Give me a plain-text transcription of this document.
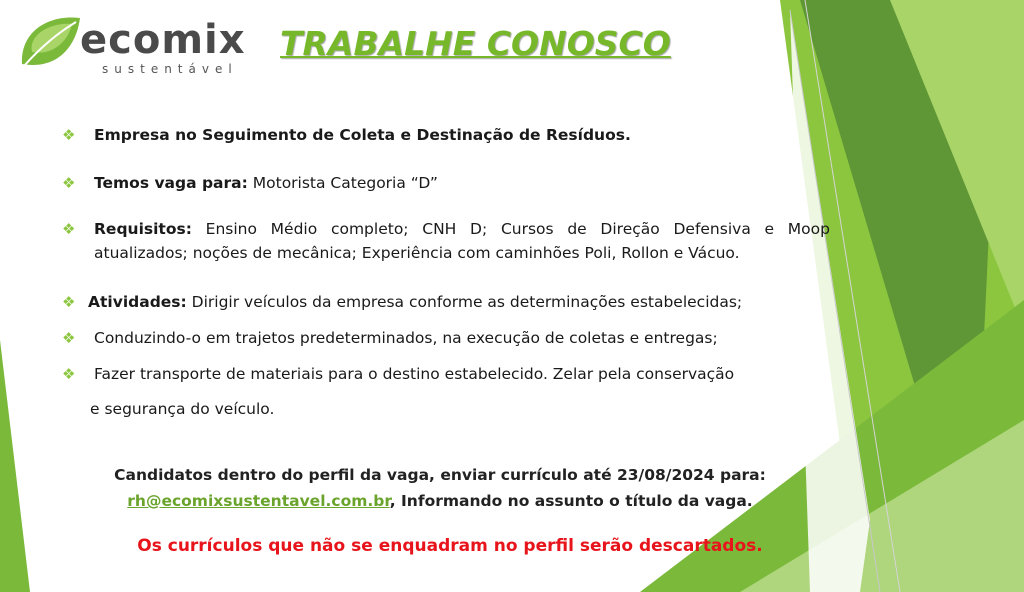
ecomix
sustentável
TRABALHE CONOSCO
❖ Empresa no Seguimento de Coleta e Destinação de Resíduos.
❖ Temos vaga para: Motorista Categoria “D”
❖ Requisitos: Ensino Médio completo; CNH D; Cursos de Direção Defensiva e Moop atualizados; noções de mecânica; Experiência com caminhões Poli, Rollon e Vácuo.
❖ Atividades: Dirigir veículos da empresa conforme as determinações estabelecidas;
❖ Conduzindo-o em trajetos predeterminados, na execução de coletas e entregas;
❖ Fazer transporte de materiais para o destino estabelecido. Zelar pela conservação
e segurança do veículo.
Candidatos dentro do perfil da vaga, enviar currículo até 23/08/2024 para:
rh@ecomixsustentavel.com.br, Informando no assunto o título da vaga.
Os currículos que não se enquadram no perfil serão descartados.
